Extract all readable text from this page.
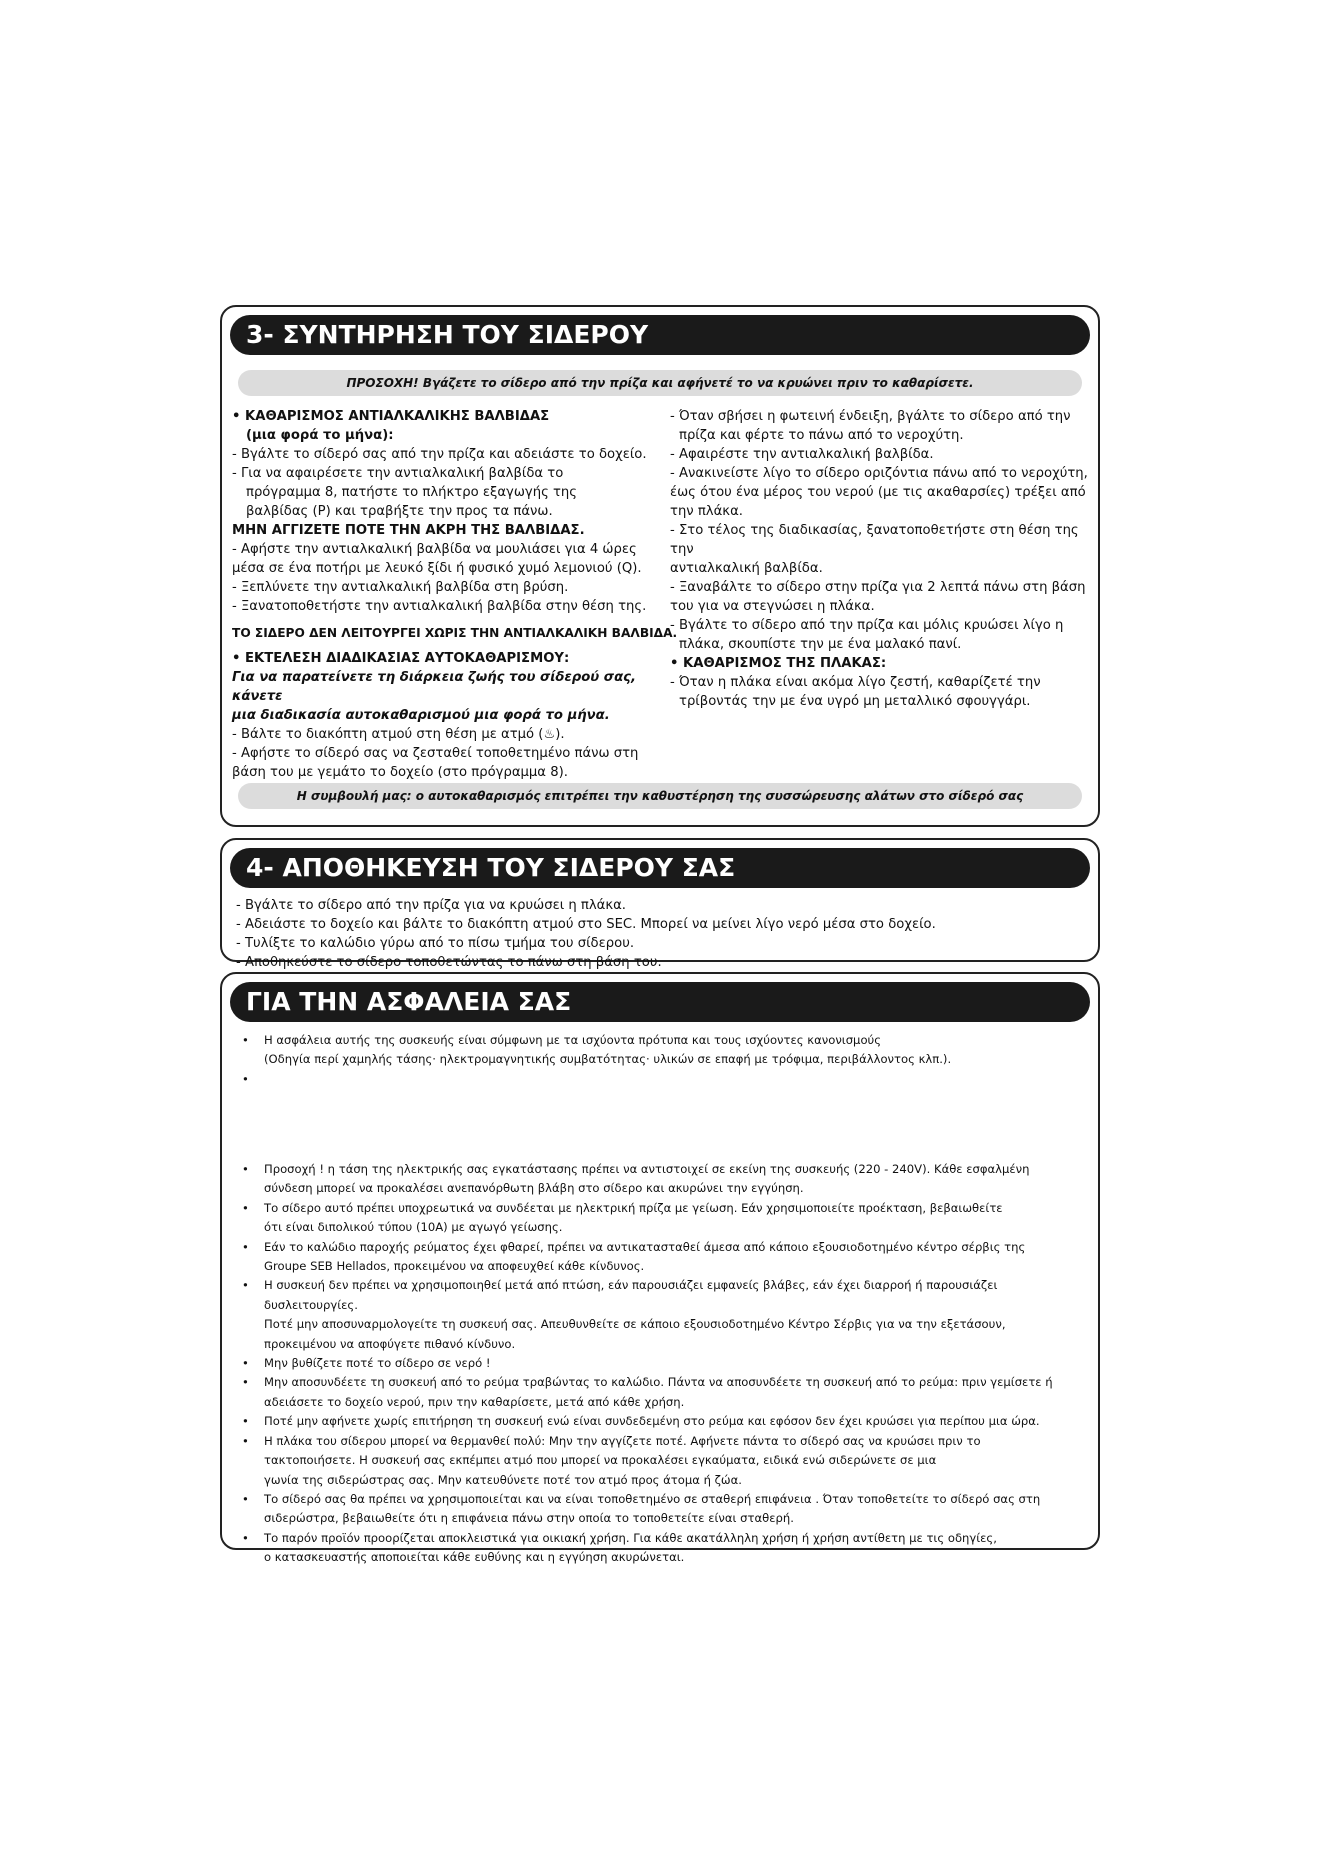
3- ΣΥΝΤΗΡΗΣΗ ΤΟΥ ΣΙΔΕΡΟΥ
ΠΡΟΣΟΧΗ! Βγάζετε το σίδερο από την πρίζα και αφήνετέ το να κρυώνει πριν το καθαρίσετε.

• ΚΑΘΑΡΙΣΜΟΣ ΑΝΤΙΑΛΚΑΛΙΚΗΣ ΒΑΛΒΙΔΑΣ

(μια φορά το μήνα):

- Βγάλτε το σίδερό σας από την πρίζα και αδειάστε το δοχείο.

- Για να αφαιρέσετε την αντιαλκαλική βαλβίδα το

πρόγραμμα 8, πατήστε το πλήκτρο εξαγωγής της

βαλβίδας (P) και τραβήξτε την προς τα πάνω.

ΜΗΝ ΑΓΓΙΖΕΤΕ ΠΟΤΕ ΤΗΝ ΑΚΡΗ ΤΗΣ ΒΑΛΒΙΔΑΣ.

- Αφήστε την αντιαλκαλική βαλβίδα να μουλιάσει για 4 ώρες

μέσα σε ένα ποτήρι με λευκό ξίδι ή φυσικό χυμό λεμονιού (Q).

- Ξεπλύνετε την αντιαλκαλική βαλβίδα στη βρύση.

- Ξανατοποθετήστε την αντιαλκαλική βαλβίδα στην θέση της.

ΤΟ ΣΙΔΕΡΟ ΔΕΝ ΛΕΙΤΟΥΡΓΕΙ ΧΩΡΙΣ ΤΗΝ ΑΝΤΙΑΛΚΑΛΙΚΗ ΒΑΛΒΙΔΑ.

• ΕΚΤΕΛΕΣΗ ΔΙΑΔΙΚΑΣΙΑΣ ΑΥΤΟΚΑΘΑΡΙΣΜΟΥ:

Για να παρατείνετε τη διάρκεια ζωής του σίδερού σας, κάνετε

μια διαδικασία αυτοκαθαρισμού μια φορά το μήνα.

- Βάλτε το διακόπτη ατμού στη θέση με ατμό (♨).

- Αφήστε το σίδερό σας να ζεσταθεί τοποθετημένο πάνω στη

βάση του με γεμάτο το δοχείο (στο πρόγραμμα 8).

- Όταν σβήσει η φωτεινή ένδειξη, βγάλτε το σίδερο από την

πρίζα και φέρτε το πάνω από το νεροχύτη.

- Αφαιρέστε την αντιαλκαλική βαλβίδα.

- Ανακινείστε λίγο το σίδερο οριζόντια πάνω από το νεροχύτη,

έως ότου ένα μέρος του νερού (με τις ακαθαρσίες) τρέξει από

την πλάκα.

- Στο τέλος της διαδικασίας, ξανατοποθετήστε στη θέση της την

αντιαλκαλική βαλβίδα.

- Ξαναβάλτε το σίδερο στην πρίζα για 2 λεπτά πάνω στη βάση

του για να στεγνώσει η πλάκα.

- Βγάλτε το σίδερο από την πρίζα και μόλις κρυώσει λίγο η

πλάκα, σκουπίστε την με ένα μαλακό πανί.

• ΚΑΘΑΡΙΣΜΟΣ ΤΗΣ ΠΛΑΚΑΣ:

- Όταν η πλάκα είναι ακόμα λίγο ζεστή, καθαρίζετέ την

τρίβοντάς την με ένα υγρό μη μεταλλικό σφουγγάρι.

Η συμβουλή μας: ο αυτοκαθαρισμός επιτρέπει την καθυστέρηση της συσσώρευσης αλάτων στο σίδερό σας
4- ΑΠΟΘΗΚΕΥΣΗ ΤΟΥ ΣΙΔΕΡΟΥ ΣΑΣ

- Βγάλτε το σίδερο από την πρίζα για να κρυώσει η πλάκα.

- Αδειάστε το δοχείο και βάλτε το διακόπτη ατμού στο SEC. Μπορεί να μείνει λίγο νερό μέσα στο δοχείο.

- Τυλίξτε το καλώδιο γύρω από το πίσω τμήμα του σίδερου.

- Αποθηκεύστε το σίδερο τοποθετώντας το πάνω στη βάση του.

ΓΙΑ ΤΗΝ ΑΣΦΑΛΕΙΑ ΣΑΣ

• Η ασφάλεια αυτής της συσκευής είναι σύμφωνη με τα ισχύοντα πρότυπα και τους ισχύοντες κανονισμούς

(Οδηγία περί χαμηλής τάσης· ηλεκτρομαγνητικής συμβατότητας· υλικών σε επαφή με τρόφιμα, περιβάλλοντος κλπ.).

•

• Προσοχή ! η τάση της ηλεκτρικής σας εγκατάστασης πρέπει να αντιστοιχεί σε εκείνη της συσκευής (220 - 240V). Κάθε εσφαλμένη

σύνδεση μπορεί να προκαλέσει ανεπανόρθωτη βλάβη στο σίδερο και ακυρώνει την εγγύηση.

• Το σίδερο αυτό πρέπει υποχρεωτικά να συνδέεται με ηλεκτρική πρίζα με γείωση. Εάν χρησιμοποιείτε προέκταση, βεβαιωθείτε

ότι είναι διπολικού τύπου (10A) με αγωγό γείωσης.

• Εάν το καλώδιο παροχής ρεύματος έχει φθαρεί, πρέπει να αντικατασταθεί άμεσα από κάποιο εξουσιοδοτημένο κέντρο σέρβις της

Groupe SEB Hellados, προκειμένου να αποφευχθεί κάθε κίνδυνος.

• Η συσκευή δεν πρέπει να χρησιμοποιηθεί μετά από πτώση, εάν παρουσιάζει εμφανείς βλάβες, εάν έχει διαρροή ή παρουσιάζει δυσλειτουργίες.

Ποτέ μην αποσυναρμολογείτε τη συσκευή σας. Απευθυνθείτε σε κάποιο εξουσιοδοτημένο Κέντρο Σέρβις για να την εξετάσουν,

προκειμένου να αποφύγετε πιθανό κίνδυνο.

• Μην βυθίζετε ποτέ το σίδερο σε νερό !

• Μην αποσυνδέετε τη συσκευή από το ρεύμα τραβώντας το καλώδιο. Πάντα να αποσυνδέετε τη συσκευή από το ρεύμα: πριν γεμίσετε ή

αδειάσετε το δοχείο νερού, πριν την καθαρίσετε, μετά από κάθε χρήση.

• Ποτέ μην αφήνετε χωρίς επιτήρηση τη συσκευή ενώ είναι συνδεδεμένη στο ρεύμα και εφόσον δεν έχει κρυώσει για περίπου μια ώρα.

• Η πλάκα του σίδερου μπορεί να θερμανθεί πολύ: Μην την αγγίζετε ποτέ. Αφήνετε πάντα το σίδερό σας να κρυώσει πριν το

τακτοποιήσετε. Η συσκευή σας εκπέμπει ατμό που μπορεί να προκαλέσει εγκαύματα, ειδικά ενώ σιδερώνετε σε μια

γωνία της σιδερώστρας σας. Μην κατευθύνετε ποτέ τον ατμό προς άτομα ή ζώα.

• Το σίδερό σας θα πρέπει να χρησιμοποιείται και να είναι τοποθετημένο σε σταθερή επιφάνεια . Όταν τοποθετείτε το σίδερό σας στη

σιδερώστρα, βεβαιωθείτε ότι η επιφάνεια πάνω στην οποία το τοποθετείτε είναι σταθερή.

• Το παρόν προϊόν προορίζεται αποκλειστικά για οικιακή χρήση. Για κάθε ακατάλληλη χρήση ή χρήση αντίθετη με τις οδηγίες,

ο κατασκευαστής αποποιείται κάθε ευθύνης και η εγγύηση ακυρώνεται.
